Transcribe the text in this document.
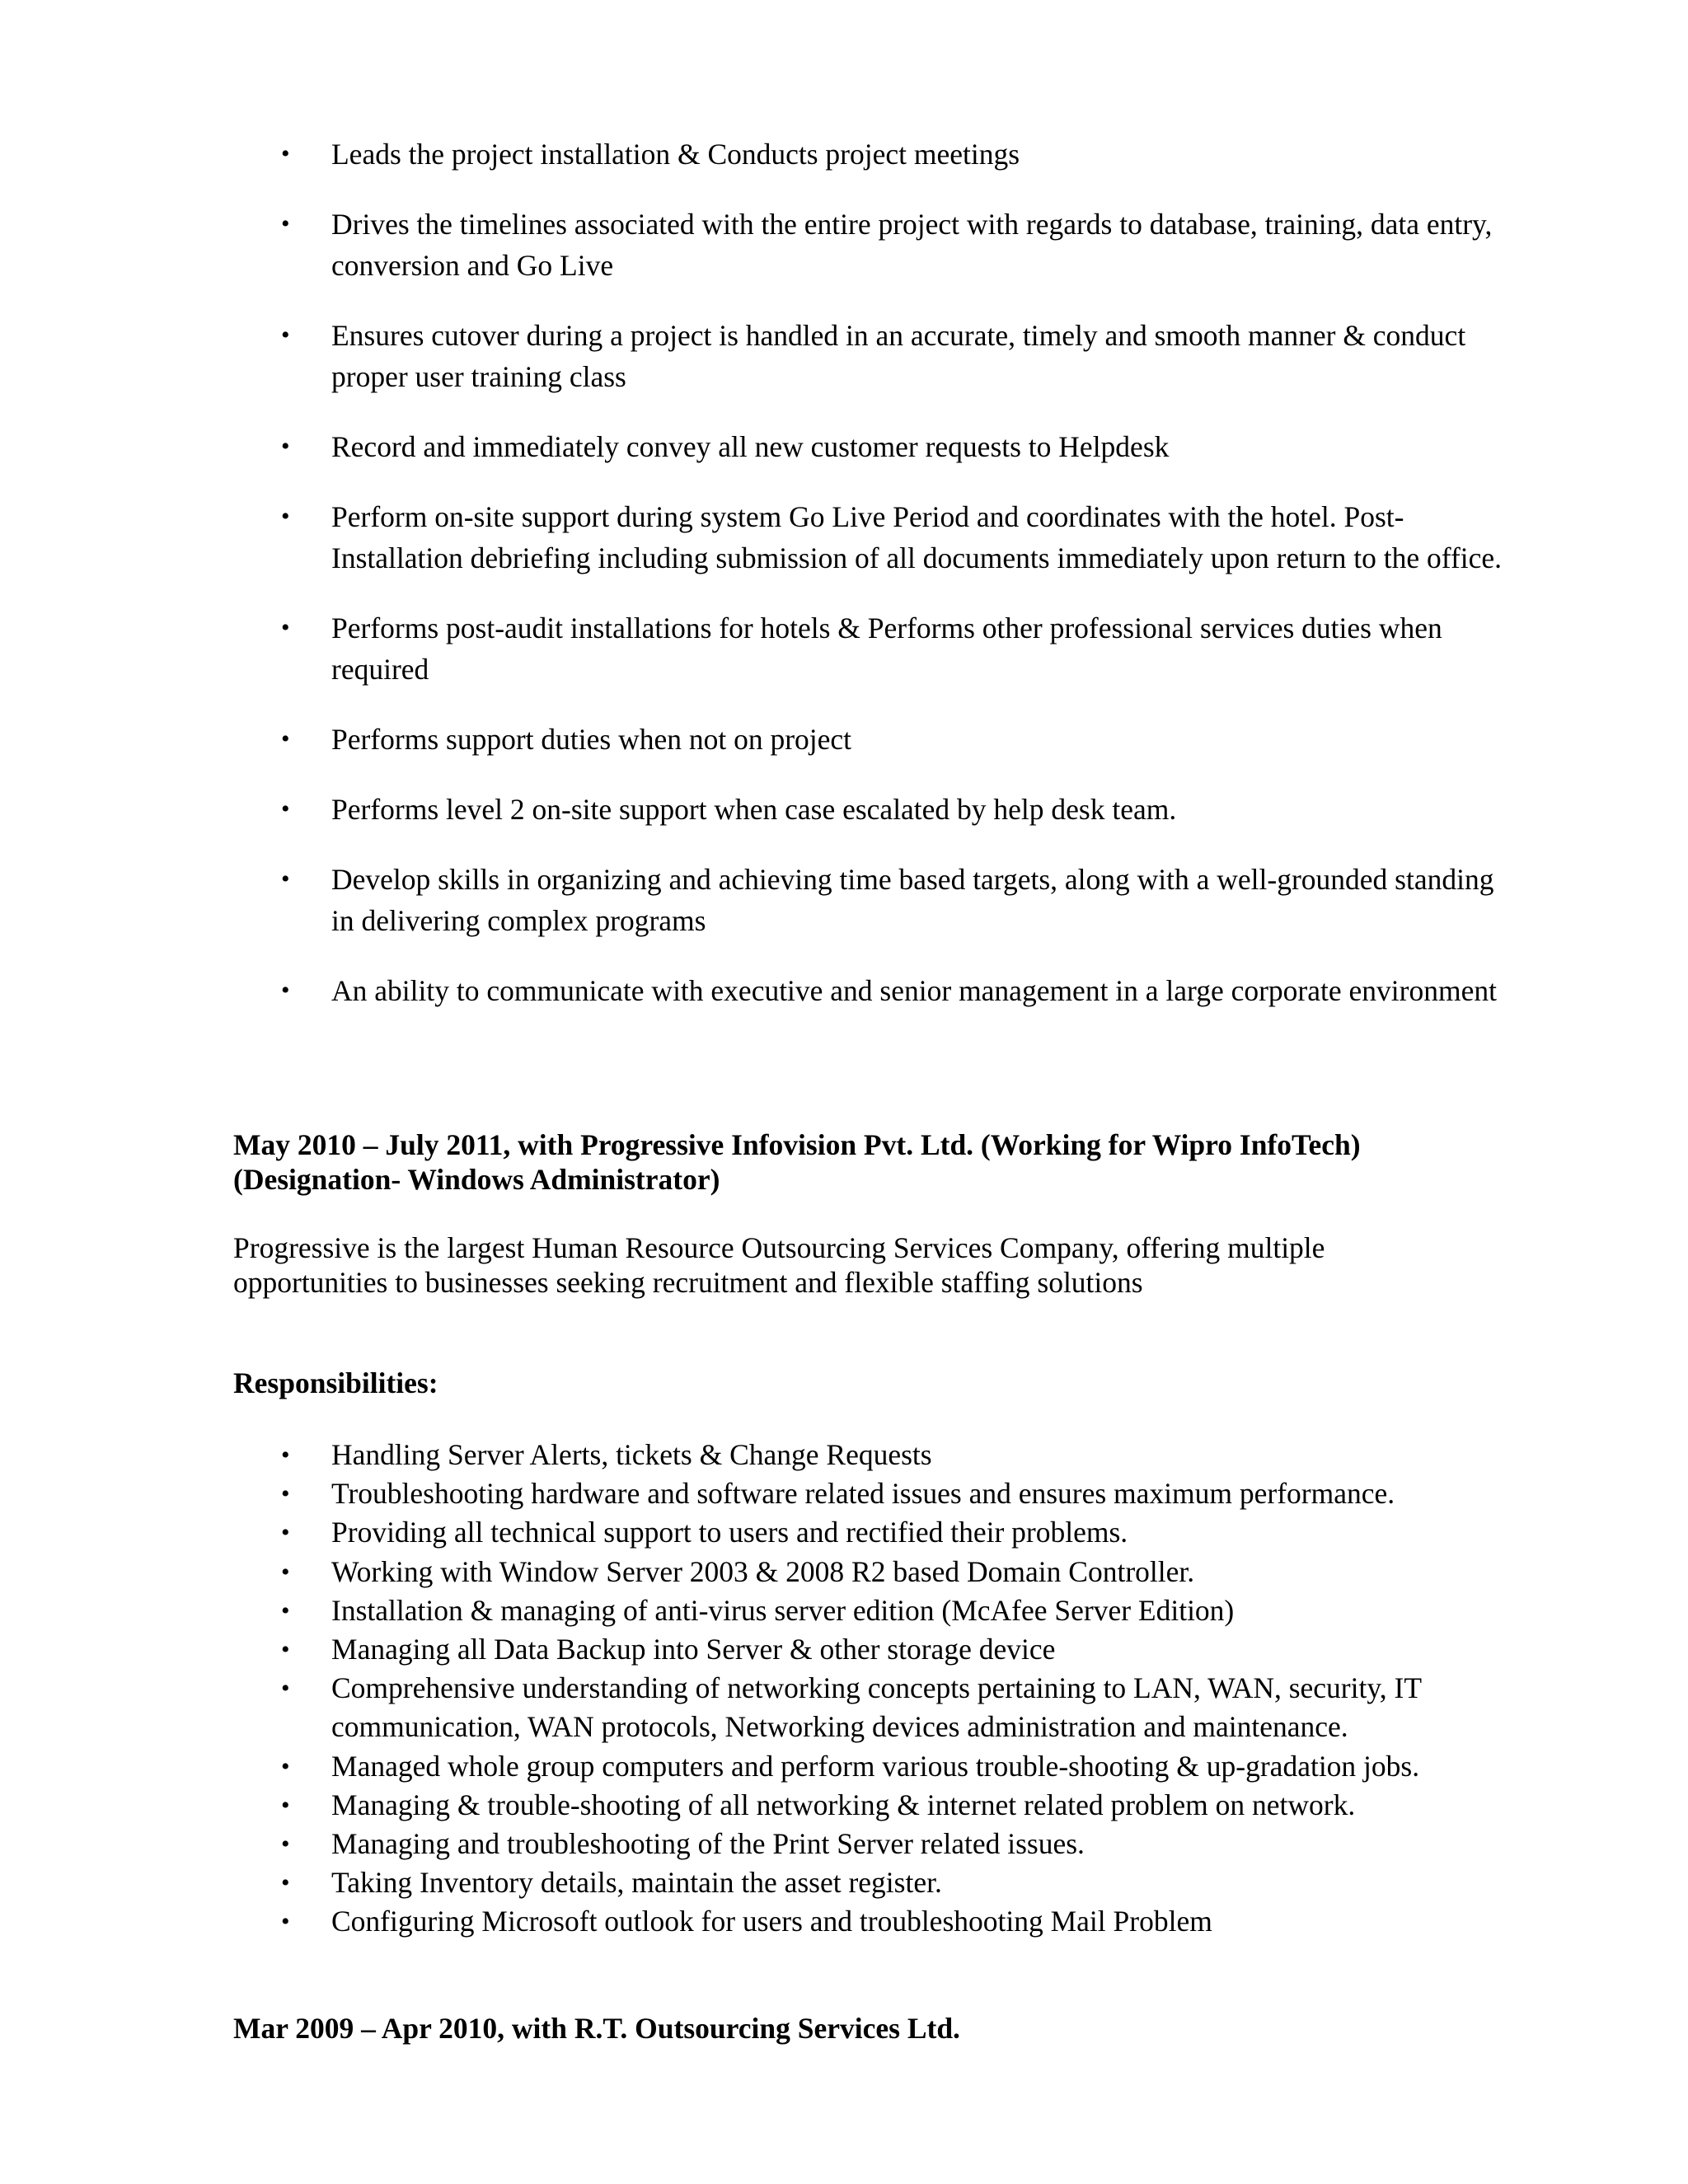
• Leads the project installation & Conducts project meetings
• Drives the timelines associated with the entire project with regards to database, training, data entry, conversion and Go Live
• Ensures cutover during a project is handled in an accurate, timely and smooth manner & conduct proper user training class
• Record and immediately convey all new customer requests to Helpdesk
• Perform on-site support during system Go Live Period and coordinates with the hotel. Post-Installation debriefing including submission of all documents immediately upon return to the office.
• Performs post-audit installations for hotels & Performs other professional services duties when required
• Performs support duties when not on project
• Performs level 2 on-site support when case escalated by help desk team.
• Develop skills in organizing and achieving time based targets, along with a well-grounded standing in delivering complex programs
• An ability to communicate with executive and senior management in a large corporate environment
May 2010 – July 2011, with Progressive Infovision Pvt. Ltd. (Working for Wipro InfoTech)
(Designation- Windows Administrator)
Progressive is the largest Human Resource Outsourcing Services Company, offering multiple
opportunities to businesses seeking recruitment and flexible staffing solutions
Responsibilities:
• Handling Server Alerts, tickets & Change Requests
• Troubleshooting hardware and software related issues and ensures maximum performance.
• Providing all technical support to users and rectified their problems.
• Working with Window Server 2003 & 2008 R2 based Domain Controller.
• Installation & managing of anti-virus server edition (McAfee Server Edition)
• Managing all Data Backup into Server & other storage device
• Comprehensive understanding of networking concepts pertaining to LAN, WAN, security, IT communication, WAN protocols, Networking devices administration and maintenance.
• Managed whole group computers and perform various trouble-shooting & up-gradation jobs.
• Managing & trouble-shooting of all networking & internet related problem on network.
• Managing and troubleshooting of the Print Server related issues.
• Taking Inventory details, maintain the asset register.
• Configuring Microsoft outlook for users and troubleshooting Mail Problem
Mar 2009 – Apr 2010, with R.T. Outsourcing Services Ltd.
